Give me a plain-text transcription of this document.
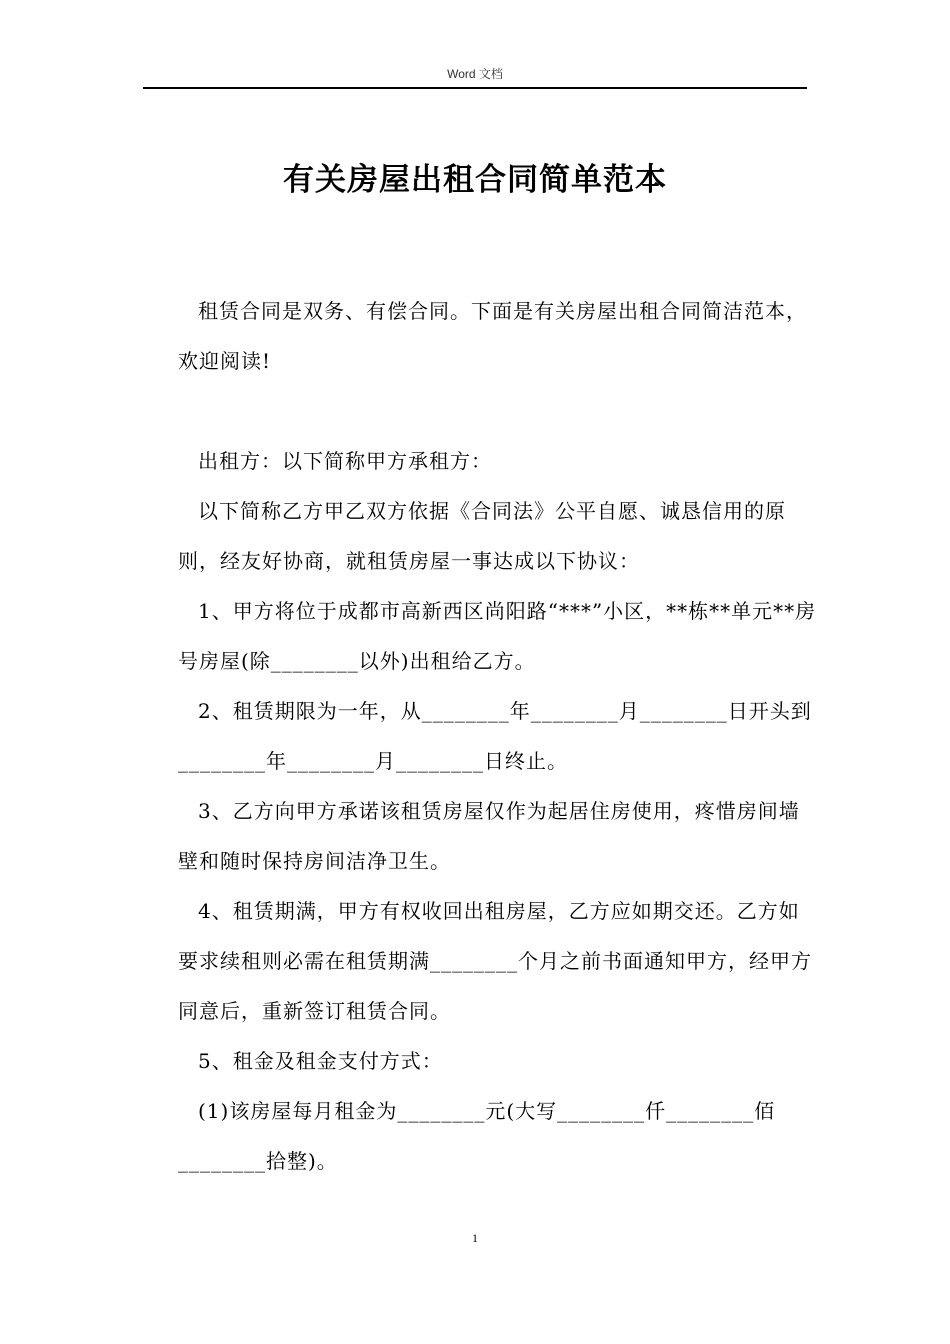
Word 文档
有关房屋出租合同简单范本

租赁合同是双务、有偿合同。下面是有关房屋出租合同简洁范本，欢迎阅读!

出租方：以下简称甲方承租方：

以下简称乙方甲乙双方依据《合同法》公平自愿、诚恳信用的原则，经友好协商，就租赁房屋一事达成以下协议：

1、甲方将位于成都市高新西区尚阳路“***”小区，**栋**单元**房号房屋(除________以外)出租给乙方。

2、租赁期限为一年，从________年________月________日开头到________年________月________日终止。

3、乙方向甲方承诺该租赁房屋仅作为起居住房使用，疼惜房间墙壁和随时保持房间洁净卫生。

4、租赁期满，甲方有权收回出租房屋，乙方应如期交还。乙方如要求续租则必需在租赁期满________个月之前书面通知甲方，经甲方同意后，重新签订租赁合同。

5、租金及租金支付方式：

(1)该房屋每月租金为________元(大写________仟________佰________拾整)。

1
